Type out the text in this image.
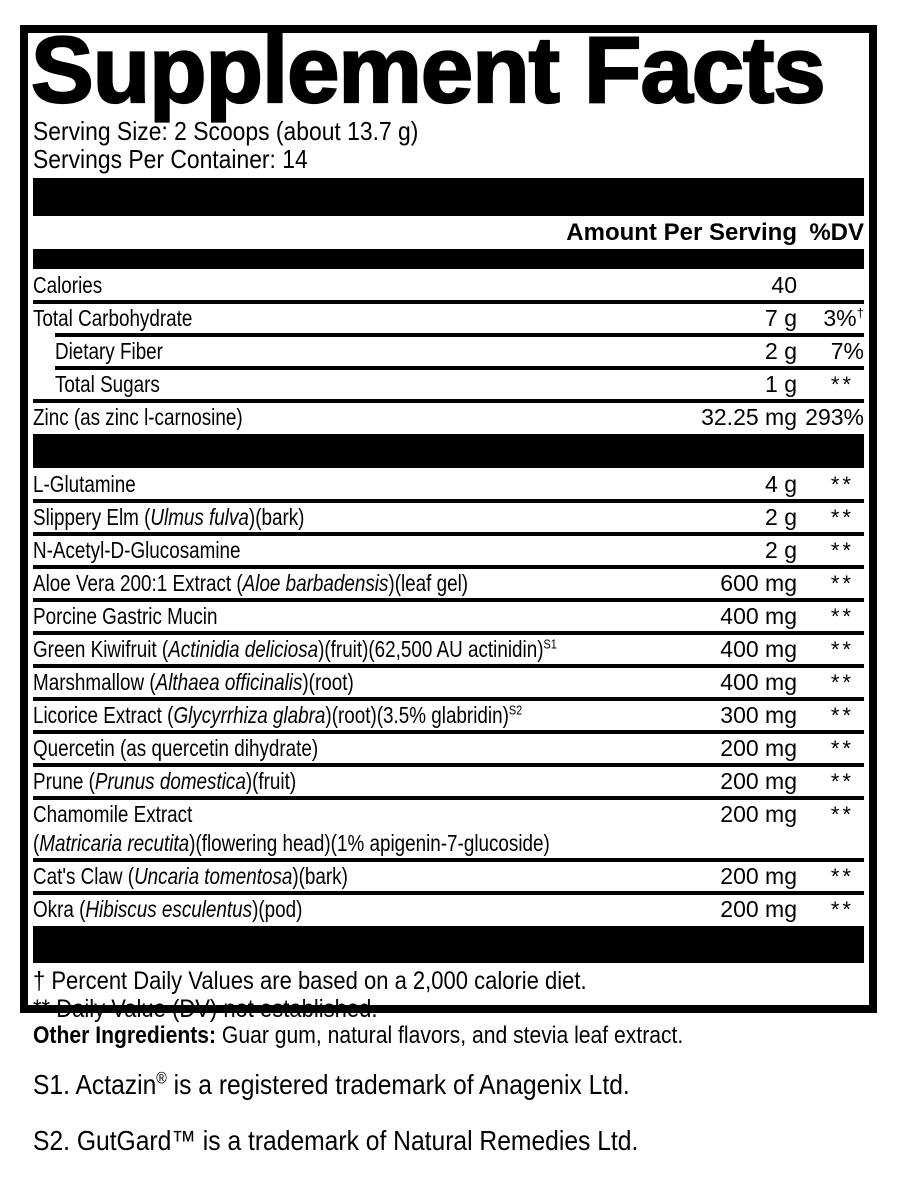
Supplement Facts
Serving Size: 2 Scoops (about 13.7 g)
Servings Per Container: 14
Amount Per Serving %DV
Calories	40
Total Carbohydrate	7 g	3%†
Dietary Fiber	2 g	7%
Total Sugars	1 g	**
Zinc (as zinc l-carnosine)	32.25 mg 293%
L-Glutamine	4 g	**
Slippery Elm (Ulmus fulva)(bark)	2 g	**
N-Acetyl-D-Glucosamine	2 g	**
Aloe Vera 200:1 Extract (Aloe barbadensis)(leaf gel)	600 mg	**
Porcine Gastric Mucin	400 mg	**
Green Kiwifruit (Actinidia deliciosa)(fruit)(62,500 AU actinidin)$^{S1}$	400 mg	**
Marshmallow (Althaea officinalis)(root)	400 mg	**
Licorice Extract (Glycyrrhiza glabra)(root)(3.5% glabridin)$^{S2}$	300 mg	**
Quercetin (as quercetin dihydrate)	200 mg	**
Prune (Prunus domestica)(fruit)	200 mg	**
Chamomile Extract
(Matricaria recutita)(flowering head)(1% apigenin-7-glucoside)
200 mg	**
Cat's Claw (Uncaria tomentosa)(bark)	200 mg	**
Okra (Hibiscus esculentus)(pod)	200 mg	**
† Percent Daily Values are based on a 2,000 calorie diet.
** Daily Value (DV) not established.

Other Ingredients: Guar gum, natural flavors, and stevia leaf extract.

S1. Actazin® is a registered trademark of Anagenix Ltd.

S2. GutGard™ is a trademark of Natural Remedies Ltd.
